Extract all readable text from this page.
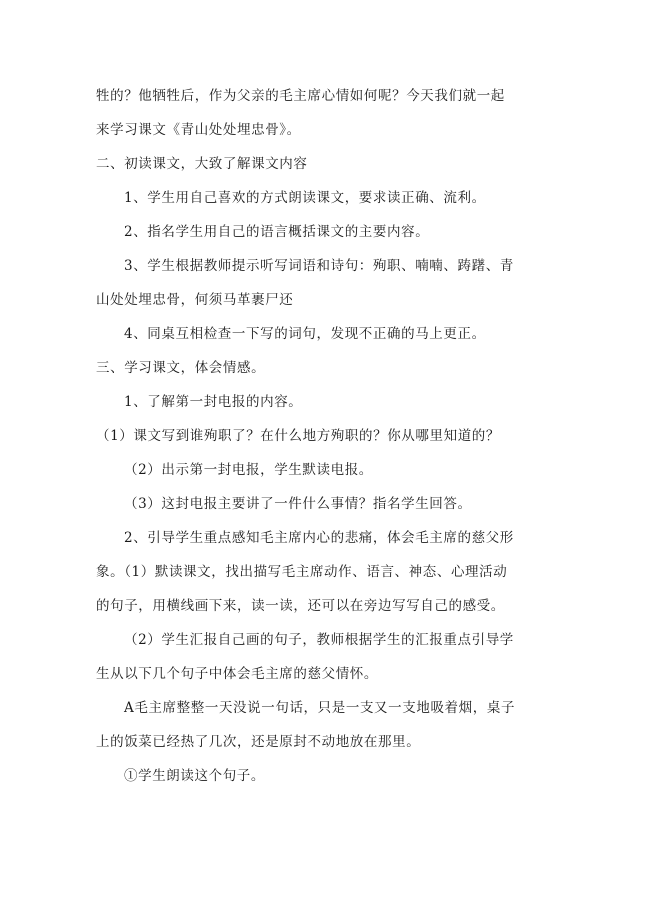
牲的？他牺牲后，作为父亲的毛主席心情如何呢？今天我们就一起
来学习课文《青山处处埋忠骨》。
二、初读课文，大致了解课文内容
1、学生用自己喜欢的方式朗读课文，要求读正确、流利。
2、指名学生用自己的语言概括课文的主要内容。
3、学生根据教师提示听写词语和诗句：殉职、喃喃、踌躇、青
山处处埋忠骨，何须马革裹尸还
4、同桌互相检查一下写的词句，发现不正确的马上更正。
三、学习课文，体会情感。
1、了解第一封电报的内容。
（1）课文写到谁殉职了？在什么地方殉职的？你从哪里知道的？
（2）出示第一封电报，学生默读电报。
（3）这封电报主要讲了一件什么事情？指名学生回答。
2、引导学生重点感知毛主席内心的悲痛，体会毛主席的慈父形
象。（1）默读课文，找出描写毛主席动作、语言、神态、心理活动
的句子，用横线画下来，读一读，还可以在旁边写写自己的感受。
（2）学生汇报自己画的句子，教师根据学生的汇报重点引导学
生从以下几个句子中体会毛主席的慈父情怀。
A毛主席整整一天没说一句话，只是一支又一支地吸着烟，桌子
上的饭菜已经热了几次，还是原封不动地放在那里。
①学生朗读这个句子。
